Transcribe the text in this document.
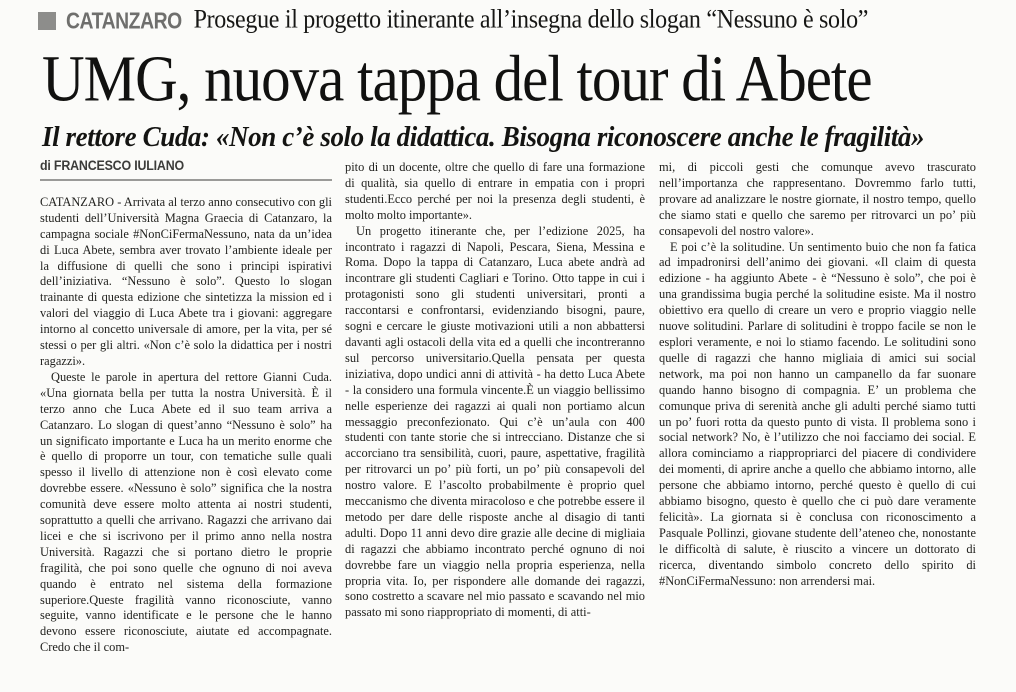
CATANZARO Prosegue il progetto itinerante all’insegna dello slogan “Nessuno è solo”
UMG, nuova tappa del tour di Abete
Il rettore Cuda: «Non c’è solo la didattica. Bisogna riconoscere anche le fragilità»
di FRANCESCO IULIANO

CATANZARO - Arrivata al terzo anno consecutivo con gli studenti dell’Università Magna Graecia di Catanzaro, la campagna sociale #NonCiFermaNessuno, nata da un’idea di Luca Abete, sembra aver trovato l’ambiente ideale per la diffusione di quelli che sono i principi ispirativi dell’iniziativa. “Nessuno è solo”. Questo lo slogan trainante di questa edizione che sintetizza la mission ed i valori del viaggio di Luca Abete tra i giovani: aggregare intorno al concetto universale di amore, per la vita, per sé stessi o per gli altri. «Non c’è solo la didattica per i nostri ragazzi».

Queste le parole in apertura del rettore Gianni Cuda. «Una giornata bella per tutta la nostra Università. È il terzo anno che Luca Abete ed il suo team arriva a Catanzaro. Lo slogan di quest’anno “Nessuno è solo” ha un significato importante e Luca ha un merito enorme che è quello di proporre un tour, con tematiche sulle quali spesso il livello di attenzione non è così elevato come dovrebbe essere. «Nessuno è solo” significa che la nostra comunità deve essere molto attenta ai nostri studenti, soprattutto a quelli che arrivano. Ragazzi che arrivano dai licei e che si iscrivono per il primo anno nella nostra Università. Ragazzi che si portano dietro le proprie fragilità, che poi sono quelle che ognuno di noi aveva quando è entrato nel sistema della formazione superiore.Queste fragilità vanno riconosciute, vanno seguite, vanno identificate e le persone che le hanno devono essere riconosciute, aiutate ed accompagnate. Credo che il com-

pito di un docente, oltre che quello di fare una formazione di qualità, sia quello di entrare in empatia con i propri studenti.Ecco perché per noi la presenza degli studenti, è molto molto importante».

Un progetto itinerante che, per l’edizione 2025, ha incontrato i ragazzi di Napoli, Pescara, Siena, Messina e Roma. Dopo la tappa di Catanzaro, Luca abete andrà ad incontrare gli studenti Cagliari e Torino. Otto tappe in cui i protagonisti sono gli studenti universitari, pronti a raccontarsi e confrontarsi, evidenziando bisogni, paure, sogni e cercare le giuste motivazioni utili a non abbattersi davanti agli ostacoli della vita ed a quelli che incontreranno sul percorso universitario.Quella pensata per questa iniziativa, dopo undici anni di attività - ha detto Luca Abete - la considero una formula vincente.È un viaggio bellissimo nelle esperienze dei ragazzi ai quali non portiamo alcun messaggio preconfezionato. Qui c’è un’aula con 400 studenti con tante storie che si intrecciano. Distanze che si accorciano tra sensibilità, cuori, paure, aspettative, fragilità per ritrovarci un po’ più forti, un po’ più consapevoli del nostro valore. E l’ascolto probabilmente è proprio quel meccanismo che diventa miracoloso e che potrebbe essere il metodo per dare delle risposte anche al disagio di tanti adulti. Dopo 11 anni devo dire grazie alle decine di migliaia di ragazzi che abbiamo incontrato perché ognuno di noi dovrebbe fare un viaggio nella propria esperienza, nella propria vita. Io, per rispondere alle domande dei ragazzi, sono costretto a scavare nel mio passato e scavando nel mio passato mi sono riappropriato di momenti, di atti-

mi, di piccoli gesti che comunque avevo trascurato nell’importanza che rappresentano. Dovremmo farlo tutti, provare ad analizzare le nostre giornate, il nostro tempo, quello che siamo stati e quello che saremo per ritrovarci un po’ più consapevoli del nostro valore».

E poi c’è la solitudine. Un sentimento buio che non fa fatica ad impadronirsi dell’animo dei giovani. «Il claim di questa edizione - ha aggiunto Abete - è “Nessuno è solo”, che poi è una grandissima bugia perché la solitudine esiste. Ma il nostro obiettivo era quello di creare un vero e proprio viaggio nelle nuove solitudini. Parlare di solitudini è troppo facile se non le esplori veramente, e noi lo stiamo facendo. Le solitudini sono quelle di ragazzi che hanno migliaia di amici sui social network, ma poi non hanno un campanello da far suonare quando hanno bisogno di compagnia. E’ un problema che comunque priva di serenità anche gli adulti perché siamo tutti un po’ fuori rotta da questo punto di vista. Il problema sono i social network? No, è l’utilizzo che noi facciamo dei social. E allora cominciamo a riappropriarci del piacere di condividere dei momenti, di aprire anche a quello che abbiamo intorno, alle persone che abbiamo intorno, perché questo è quello di cui abbiamo bisogno, questo è quello che ci può dare veramente felicità». La giornata si è conclusa con riconoscimento a Pasquale Pollinzi, giovane studente dell’ateneo che, nonostante le difficoltà di salute, è riuscito a vincere un dottorato di ricerca, diventando simbolo concreto dello spirito di #NonCiFermaNessuno: non arrendersi mai.
